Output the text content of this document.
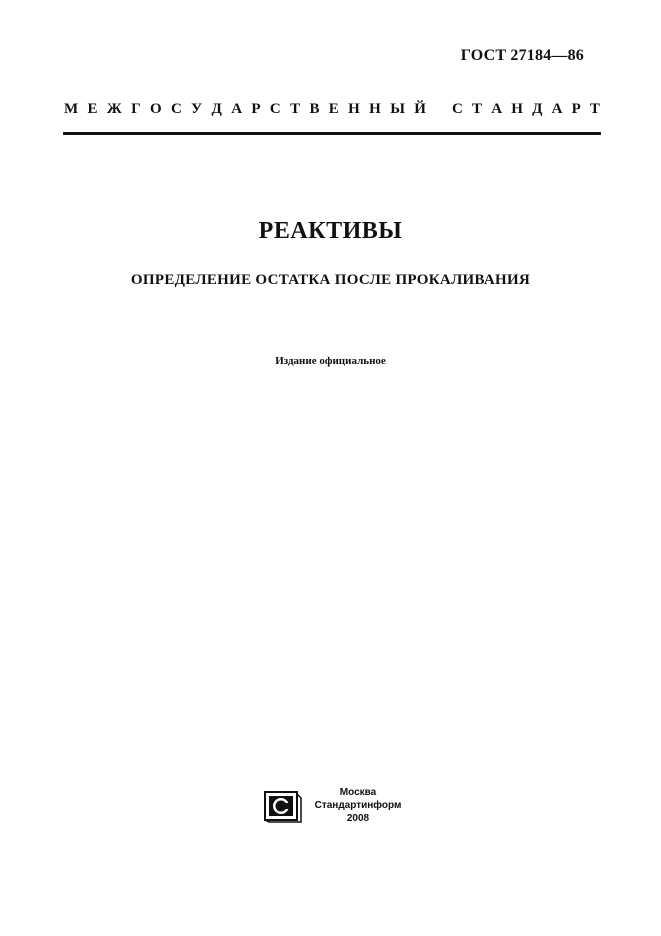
ГОСТ 27184—86
М Е Ж Г О С У Д А Р С Т В Е Н Н Ы Й С Т А Н Д А Р Т
РЕАКТИВЫ
ОПРЕДЕЛЕНИЕ ОСТАТКА ПОСЛЕ ПРОКАЛИВАНИЯ
Издание официальное
Москва
Стандартинформ
2008
